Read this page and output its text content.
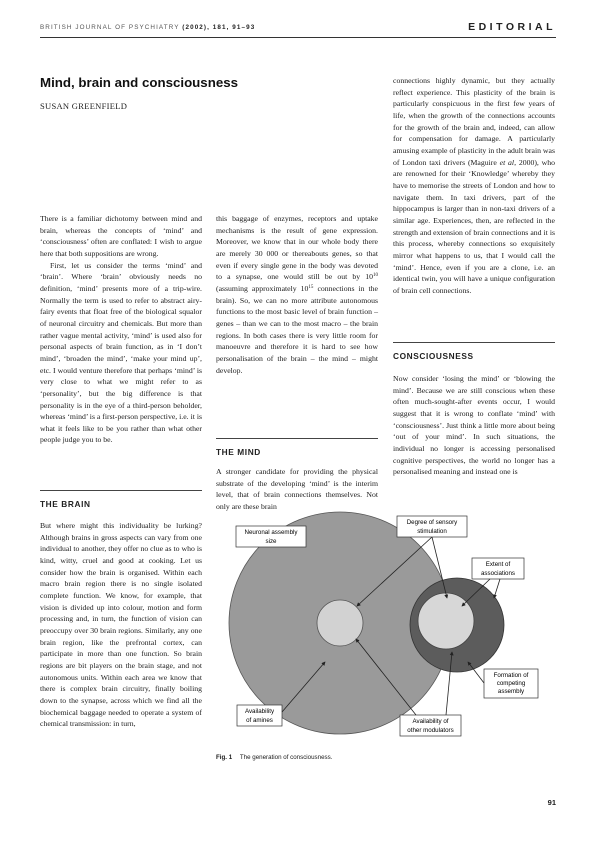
BRITISH JOURNAL OF PSYCHIATRY (2002), 181, 91–93	EDITORIAL
Mind, brain and consciousness
SUSAN GREENFIELD

There is a familiar dichotomy between mind and brain, whereas the concepts of ‘mind’ and ‘consciousness’ often are conflated: I wish to argue here that both suppositions are wrong.

First, let us consider the terms ‘mind’ and ‘brain’. Where ‘brain’ obviously needs no definition, ‘mind’ presents more of a trip-wire. Normally the term is used to refer to abstract airy-fairy events that float free of the biological squalor of neuronal circuitry and chemicals. But more than rather vague mental activity, ‘mind’ is used also for personal aspects of brain function, as in ‘I don’t mind’, ‘broaden the mind’, ‘make your mind up’, etc. I would venture therefore that perhaps ‘mind’ is very close to what we might refer to as ‘personality’, but the big difference is that personality is in the eye of a third-person beholder, whereas ‘mind’ is a first-person perspective, i.e. it is what it feels like to be you rather than what other people judge you to be.

THE BRAIN

But where might this individuality be lurking? Although brains in gross aspects can vary from one individual to another, they offer no clue as to who is kind, witty, cruel and good at cooking. Let us consider how the brain is organised. Within each macro brain region there is no single isolated complete function. We know, for example, that vision is divided up into colour, motion and form processing and, in turn, the function of vision can preoccupy over 30 brain regions. Similarly, any one brain region, like the prefrontal cortex, can participate in more than one function. So brain regions are bit players on the brain stage, and not autonomous units. Within each area we know that there is complex brain circuitry, finally boiling down to the synapse, across which we find all the biochemical baggage needed to operate a system of chemical transmission: in turn,

this baggage of enzymes, receptors and uptake mechanisms is the result of gene expression. Moreover, we know that in our whole body there are merely 30 000 or thereabouts genes, so that even if every single gene in the body was devoted to a synapse, one would still be out by $10^{10}$ (assuming approximately $10^{15}$ connections in the brain). So, we can no more attribute autonomous functions to the most basic level of brain function – genes – than we can to the most macro – the brain regions. In both cases there is very little room for manoeuvre and therefore it is hard to see how personalisation of the brain – the mind – might develop.

THE MIND

A stronger candidate for providing the physical substrate of the developing ‘mind’ is the interim level, that of brain connections themselves. Not only are these brain

connections highly dynamic, but they actually reflect experience. This plasticity of the brain is particularly conspicuous in the first few years of life, when the growth of the connections accounts for the growth of the brain and, indeed, can allow for compensation for damage. A particularly amusing example of plasticity in the adult brain was of London taxi drivers (Maguire et al, 2000), who are renowned for their ‘Knowledge’ whereby they have to memorise the streets of London and how to navigate them. In taxi drivers, part of the hippocampus is larger than in non-taxi drivers of a similar age. Experiences, then, are reflected in the strength and extension of brain connections and it is this process, whereby connections so exquisitely mirror what happens to us, that I would call the ‘mind’. Hence, even if you are a clone, i.e. an identical twin, you will have a unique configuration of brain cell connections.

CONSCIOUSNESS

Now consider ‘losing the mind’ or ‘blowing the mind’. Because we are still conscious when these often much-sought-after events occur, I would suggest that it is wrong to conflate ‘mind’ with ‘consciousness’. Just think a little more about being ‘out of your mind’. In such situations, the individual no longer is accessing personalised cognitive perspectives, the world no longer has a personalised meaning and instead one is

Neuronal assembly
size
Degree of sensory
stimulation
Extent of
associations
Formation of
competing
assembly
Availability
of amines	Availability of
other modulators
Fig. 1 The generation of consciousness.
91
